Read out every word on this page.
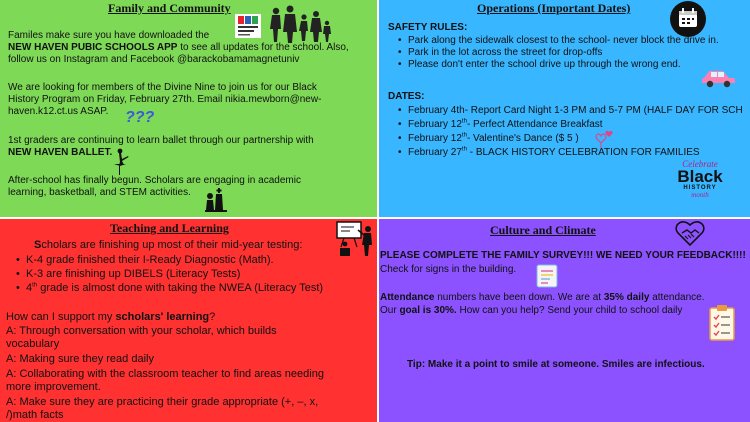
Family and Community
Familes make sure you have downloaded the
NEW HAVEN PUBIC SCHOOLS APP to see all updates for the school. Also,
follow us on Instagram and Facebook @barackobamamagnetuniv
We are looking for members of the Divine Nine to join us for our Black
History Program on Friday, February 27th. Email nikia.mewborn@new-
haven.k12.ct.us ASAP. ???
1st graders are continuing to learn ballet through our partnership with
NEW HAVEN BALLET.
After-school has finally begun. Scholars are engaging in academic
learning, basketball, and STEM activities.
Operations (Important Dates)
SAFETY RULES:
• Park along the sidewalk closest to the school- never block the drive in.
• Park in the lot across the street for drop-offs
• Please don't enter the school drive up through the wrong end.
DATES:
• February 4th- Report Card Night 1-3 PM and 5-7 PM (HALF DAY FOR SCH
• February 12th- Perfect Attendance Breakfast
• February 12th- Valentine's Dance ($ 5 )
• February 27th - BLACK HISTORY CELEBRATION FOR FAMILIES
Celebrate
Black
HISTORY
month
Teaching and Learning
Scholars are finishing up most of their mid-year testing:
• K-4 grade finished their I-Ready Diagnostic (Math).
• K-3 are finishing up DIBELS (Literacy Tests)
• 4th grade is almost done with taking the NWEA (Literacy Test)
How can I support my scholars' learning?
A: Through conversation with your scholar, which builds
vocabulary
A: Making sure they read daily
A: Collaborating with the classroom teacher to find areas needing
more improvement.
A: Make sure they are practicing their grade appropriate (+, –, x,
/)math facts
Culture and Climate
PLEASE COMPLETE THE FAMILY SURVEY!!! WE NEED YOUR FEEDBACK!!!!
Check for signs in the building.
Attendance numbers have been down. We are at 35% daily attendance.
Our goal is 30%. How can you help? Send your child to school daily
Tip: Make it a point to smile at someone. Smiles are infectious.
